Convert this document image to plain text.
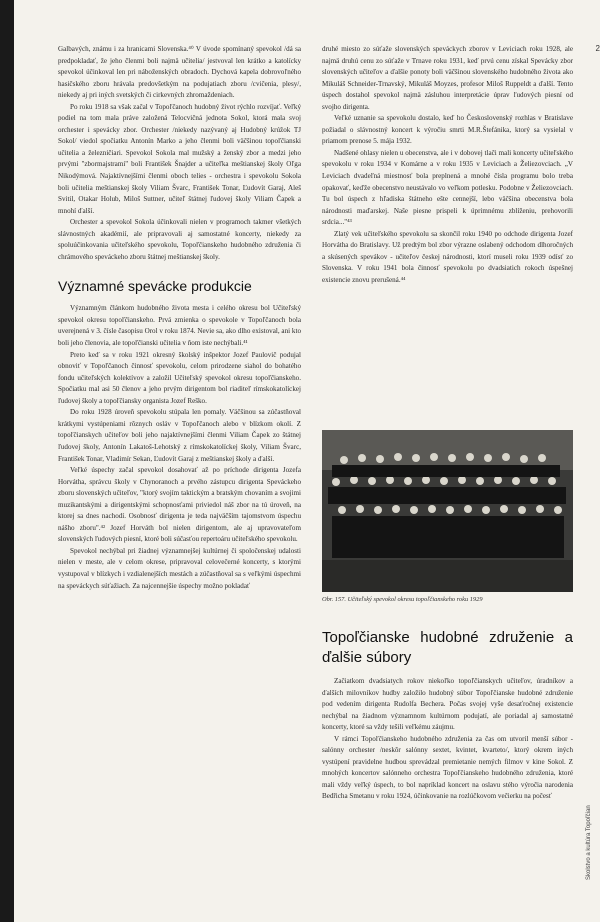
2

Galbavých, známu i za hranicami Slovenska.⁴⁰ V úvode spomínaný spevokol /dá sa predpokladať, že jeho členmi boli najmä učitelia/ jestvoval len krátko a katolícky spevokol účinkoval len pri náboženských obradoch. Dychová kapela dobrovoľného hasičského zboru hrávala predovšetkým na podujatiach zboru /cvičenia, plesy/, niekedy aj pri iných svetských či cirkevných zhromaždeniach.

Po roku 1918 sa však začal v Topoľčanoch hudobný život rýchlo rozvíjať. Veľký podiel na tom mala práve založená Telocvičná jednota Sokol, ktorá mala svoj orchester i spevácky zbor. Orchester /niekedy nazývaný aj Hudobný krúžok TJ Sokol/ viedol spočiatku Antonín Marko a jeho členmi boli väčšinou topoľčianski učitelia a železničiari. Spevokol Sokola mal mužský a ženský zbor a medzi jeho prvými "zbormajstrami" boli František Šnajder a učiteľka meštianskej školy Oľga Nikodýmová. Najaktívnejšími členmi oboch telies - orchestra i spevokolu Sokola boli učitelia meštianskej školy Viliam Švarc, František Tonar, Ľudovít Garaj, Aleš Svitil, Otakar Holub, Miloš Suttner, učiteľ štátnej ľudovej školy Viliam Čapek a mnohí ďalší.

Orchester a spevokol Sokola účinkovali nielen v programoch takmer všetkých slávnostných akadémií, ale pripravovali aj samostatné koncerty, niekedy za spoluúčinkovania učiteľského spevokolu, Topoľčianskeho hudobného združenia či chrámového speváckeho zboru štátnej meštianskej školy.

Významné spevácke produkcie

Významným článkom hudobného života mesta i celého okresu bol Učiteľský spevokol okresu topoľčianskeho. Prvá zmienka o spevokole v Topoľčanoch bola uverejnená v 3. čísle časopisu Orol v roku 1874. Nevie sa, ako dlho existoval, ani kto boli jeho členovia, ale topoľčianski učitelia v ňom iste nechýbali.⁴¹

Preto keď sa v roku 1921 okresný školský inšpektor Jozef Paulovič podujal obnoviť v Topoľčanoch činnosť spevokolu, celom prirodzene siahol do bohatého fondu učiteľských kolektívov a založil Učiteľský spevokol okresu topoľčianskeho. Spočiatku mal asi 50 členov a jeho prvým dirigentom bol riaditeľ rímskokatolíckej ľudovej školy a topoľčiansky organista Jozef Reško.

Do roku 1928 úroveň spevokolu stúpala len pomaly. Väčšinou sa zúčastňoval krátkymi vystúpeniami rôznych osláv v Topoľčanoch alebo v blízkom okolí. Z topoľčianskych učiteľov boli jeho najaktívnejšími členmi Viliam Čapek zo štátnej ľudovej školy, Antonín Lakatoš-Lehotský z rímskokatolíckej školy, Viliam Švarc, František Tonar, Vladimír Sekan, Ľudovít Garaj z meštianskej školy a ďalší.

Veľké úspechy začal spevokol dosahovať až po príchode dirigenta Jozefa Horvátha, správcu školy v Chynoranoch a prvého zástupcu dirigenta Speváckeho zboru slovenských učiteľov, "ktorý svojím taktickým a bratským chovaním a svojimi muzikantskými a dirigentskými schopnosťami priviedol náš zbor na tú úroveň, na ktorej sa dnes nachodí. Osobnosť dirigenta je teda najväčším tajomstvom úspechu nášho zboru".⁴² Jozef Horváth bol nielen dirigentom, ale aj upravovateľom slovenských ľudových piesní, ktoré boli súčasťou repertoáru učiteľského spevokolu.

Spevokol nechýbal pri žiadnej významnejšej kultúrnej či spoločenskej udalosti nielen v meste, ale v celom okrese, pripravoval celovečerné koncerty, s ktorými vystupoval v blízkych i vzdialenejších mestách a zúčastňoval sa s veľkými úspechmi na speváckych súťažiach. Za najcennejšie úspechy možno pokladať

druhé miesto zo súťaže slovenských speváckych zborov v Leviciach roku 1928, ale najmä druhú cenu zo súťaže v Trnave roku 1931, keď prvú cenu získal Spevácky zbor slovenských učiteľov a ďalšie ponoty boli väčšinou slovenského hudobného života ako Mikuláš Schneider-Trnavský, Mikuláš Moyzes, profesor Miloš Ruppeldt a ďalší. Tento úspech dostahol spevokol najmä zásluhou interpretácie úprav ľudových piesní od svojho dirigenta.

Veľké uznanie sa spevokolu dostalo, keď ho Československý rozhlas v Bratislave požiadal o slávnostný koncert k výročiu smrti M.R.Štefánika, ktorý sa vysielal v priamom prenose 5. mája 1932.

Nadšené ohlasy nielen u obecenstva, ale i v dobovej tlači mali koncerty učiteľského spevokolu v roku 1934 v Komárne a v roku 1935 v Leviciach a Želiezovciach. „V Leviciach dvadeľná miestnosť bola preplnená a mnohé čísla programu bolo treba opakovať, keďže obecenstvo neustávalo vo veľkom potlesku. Podobne v Želiezovciach. Tu bol úspech z hľadiska štátneho ešte cennejší, lebo väčšina obecenstva bola národnosti maďarskej. Naše piesne prispeli k úprimnému zblíženiu, prehovorili srdcia..."⁴³

Zlatý vek učiteľského spevokolu sa skončil roku 1940 po odchode dirigenta Jozef Horvátha do Bratislavy. Už predtým bol zbor výrazne oslabený odchodom dlhoročných a skúsených spevákov - učiteľov českej národnosti, ktorí museli roku 1939 odísť zo Slovenska. V roku 1941 bola činnosť spevokolu po dvadsiatich rokoch úspešnej existencie znovu prerušená.⁴⁴

Obr. 157. Učiteľský spevokol okresu topoľčianskeho roku 1929
Topoľčianske hudobné združenie a ďalšie súbory

Začiatkom dvadsiatych rokov niekoľko topoľčianskych učiteľov, úradníkov a ďalších milovníkov hudby založilo hudobný súbor Topoľčianske hudobné združenie pod vedením dirigenta Rudolfa Bechera. Počas svojej vyše desaťročnej existencie nechýbal na žiadnom významnom kultúrnom podujatí, ale poriadal aj samostatné koncerty, ktoré sa vždy tešili veľkému záujmu.

V rámci Topoľčianskeho hudobného združenia za čas om utvoril menší súbor - salónny orchester /neskôr salónny sextet, kvintet, kvarteto/, ktorý okrem iných vystúpení pravidelne hudbou sprevádzal premietanie nemých filmov v kine Sokol. Z mnohých koncertov salónneho orchestra Topoľčianskeho hudobného združenia, ktoré mali vždy veľký úspech, to bol napríklad koncert na oslavu stého výročia narodenia Bedřicha Smetanu v roku 1924, účinkovanie na rozlúčkovom večierku na počesť

Školstvo a kultúra Topoľčian
